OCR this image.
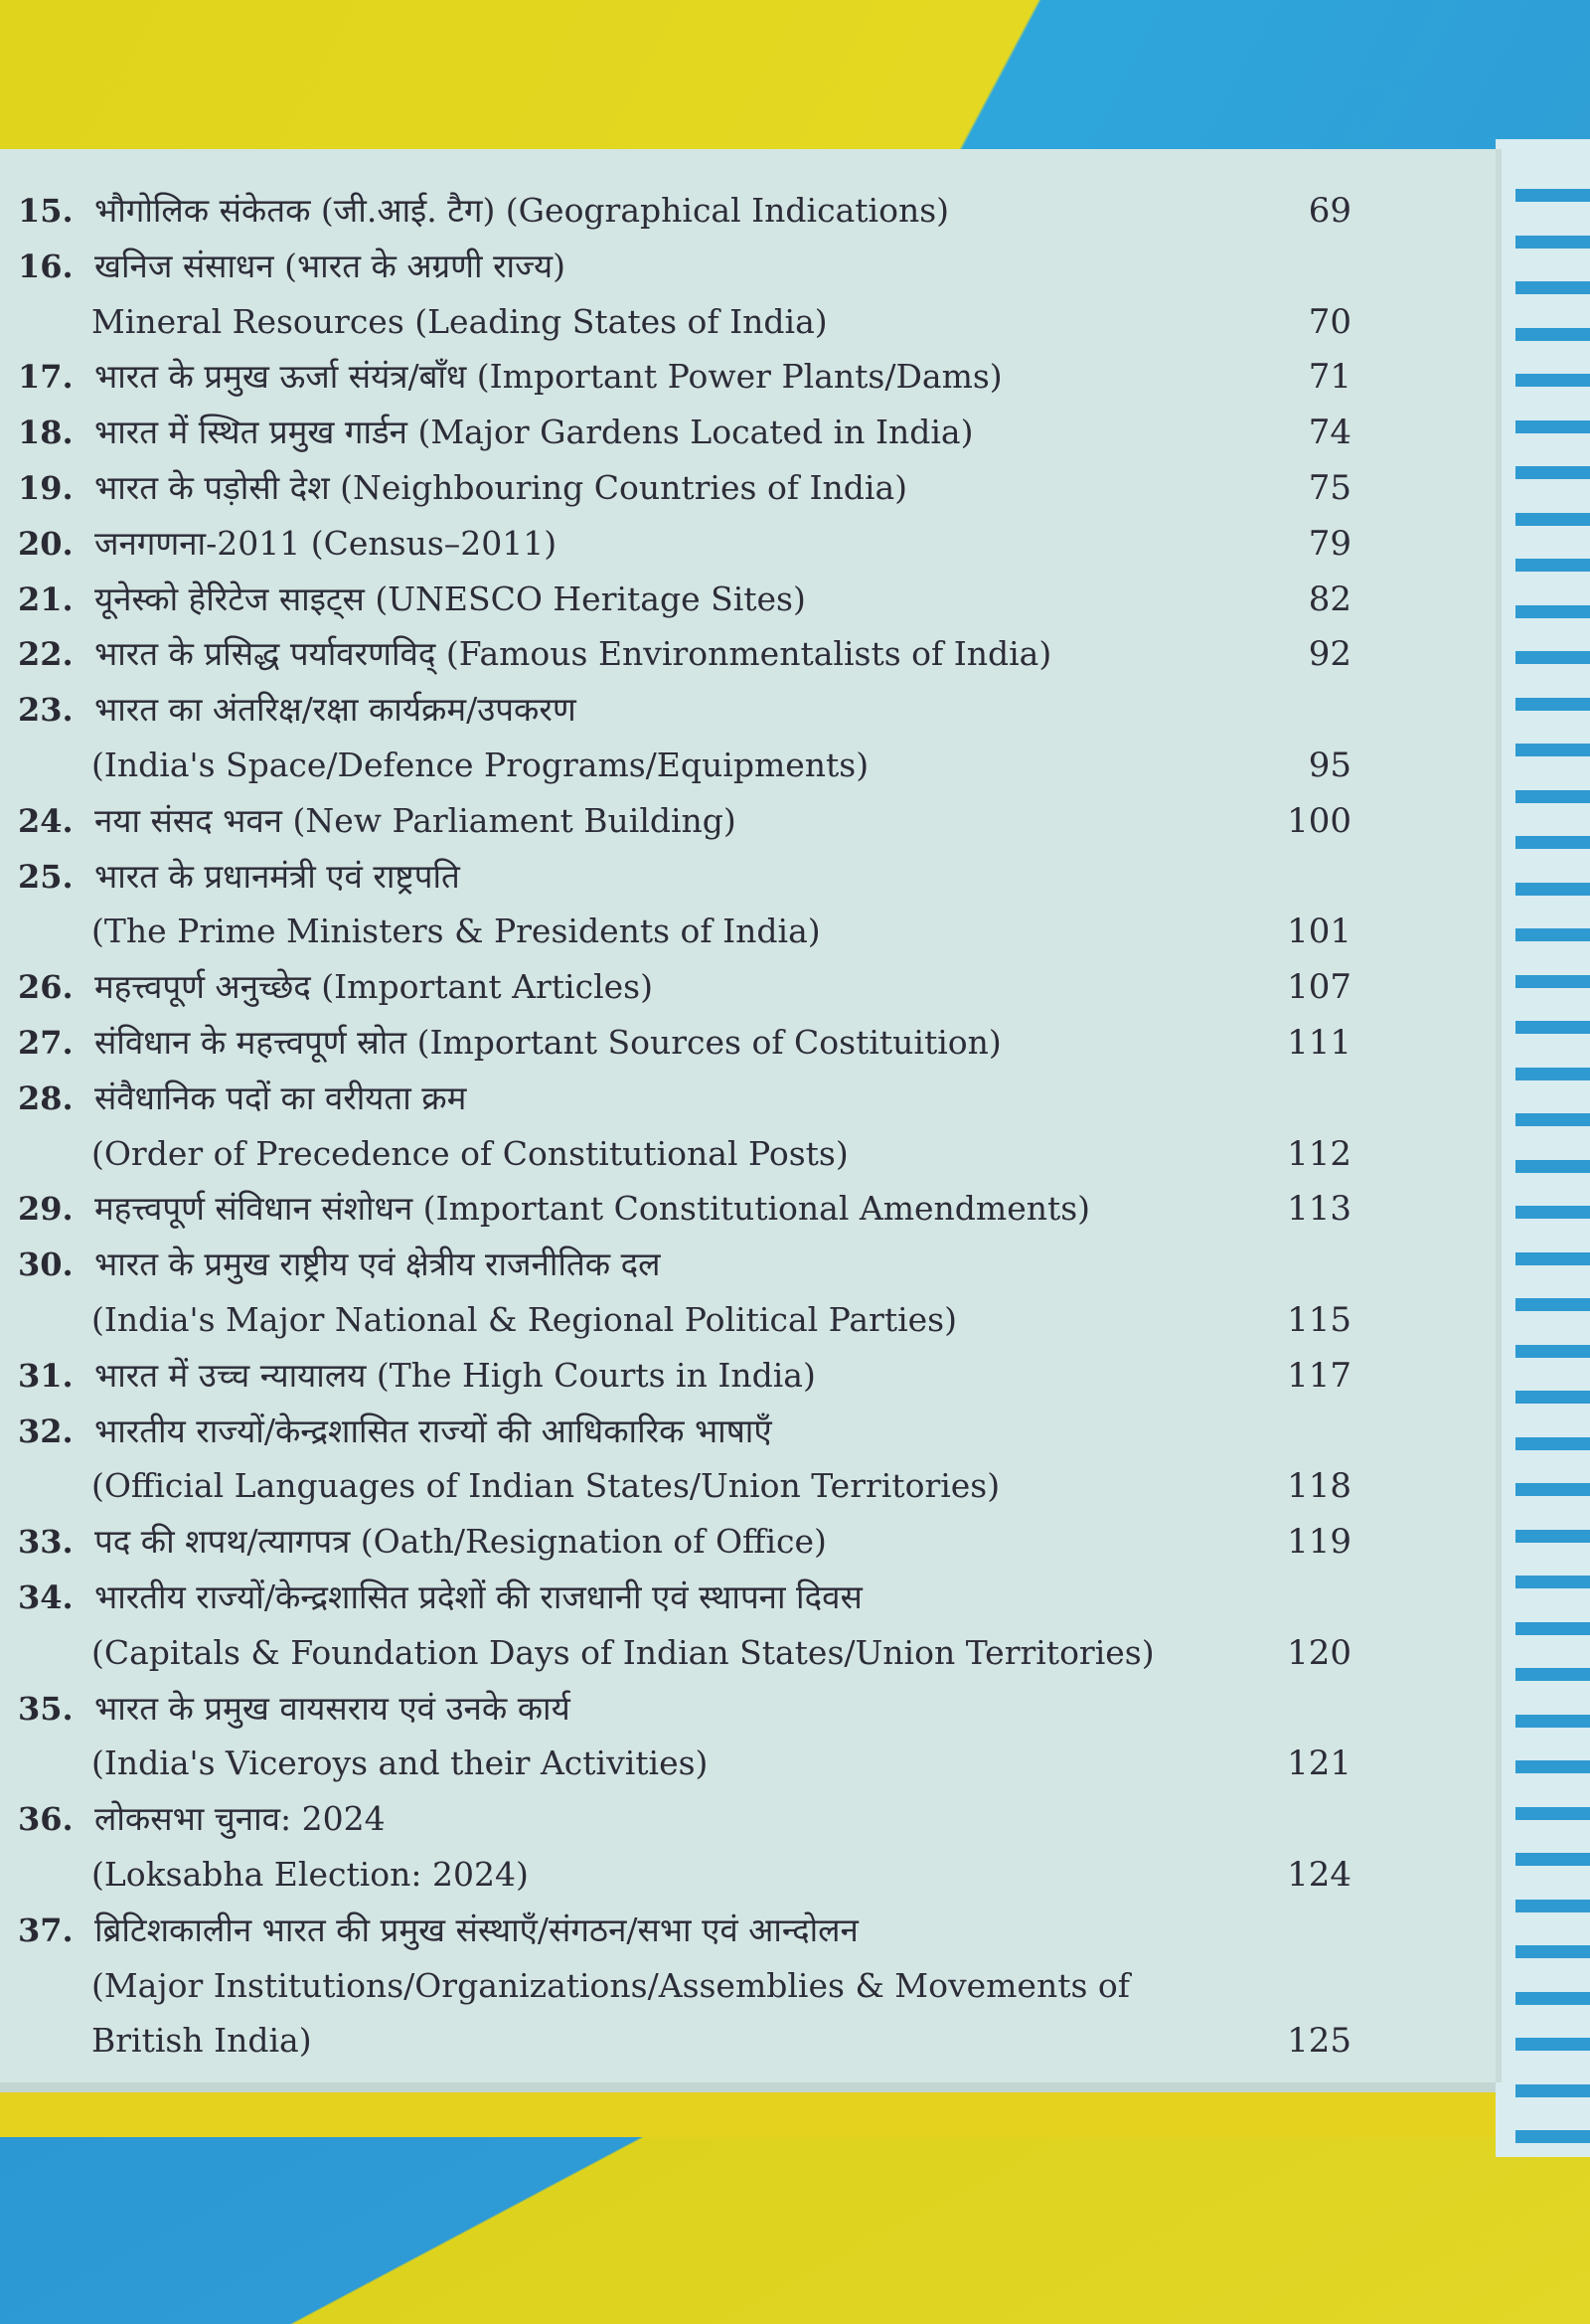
15. भौगोलिक संकेतक (जी.आई. टैग) (Geographical Indications)	69
16. खनिज संसाधन (भारत के अग्रणी राज्य)
Mineral Resources (Leading States of India)	70
17. भारत के प्रमुख ऊर्जा संयंत्र/बाँध (Important Power Plants/Dams)	71
18. भारत में स्थित प्रमुख गार्डन (Major Gardens Located in India)	74
19. भारत के पड़ोसी देश (Neighbouring Countries of India)	75
20. जनगणना-2011 (Census–2011)	79
21. यूनेस्को हेरिटेज साइट्स (UNESCO Heritage Sites)	82
22. भारत के प्रसिद्ध पर्यावरणविद् (Famous Environmentalists of India)	92
23. भारत का अंतरिक्ष/रक्षा कार्यक्रम/उपकरण
(India's Space/Defence Programs/Equipments)	95
24. नया संसद भवन (New Parliament Building)	100
25. भारत के प्रधानमंत्री एवं राष्ट्रपति
(The Prime Ministers & Presidents of India)	101
26. महत्त्वपूर्ण अनुच्छेद (Important Articles)	107
27. संविधान के महत्त्वपूर्ण स्रोत (Important Sources of Costituition)	111
28. संवैधानिक पदों का वरीयता क्रम
(Order of Precedence of Constitutional Posts)	112
29. महत्त्वपूर्ण संविधान संशोधन (Important Constitutional Amendments)	113
30. भारत के प्रमुख राष्ट्रीय एवं क्षेत्रीय राजनीतिक दल
(India's Major National & Regional Political Parties)	115
31. भारत में उच्च न्यायालय (The High Courts in India)	117
32. भारतीय राज्यों/केन्द्रशासित राज्यों की आधिकारिक भाषाएँ
(Official Languages of Indian States/Union Territories)	118
33. पद की शपथ/त्यागपत्र (Oath/Resignation of Office)	119
34. भारतीय राज्यों/केन्द्रशासित प्रदेशों की राजधानी एवं स्थापना दिवस
(Capitals & Foundation Days of Indian States/Union Territories)	120
35. भारत के प्रमुख वायसराय एवं उनके कार्य
(India's Viceroys and their Activities)	121
36. लोकसभा चुनाव: 2024
(Loksabha Election: 2024)	124
37. ब्रिटिशकालीन भारत की प्रमुख संस्थाएँ/संगठन/सभा एवं आन्दोलन
(Major Institutions/Organizations/Assemblies & Movements of
British India)	125
